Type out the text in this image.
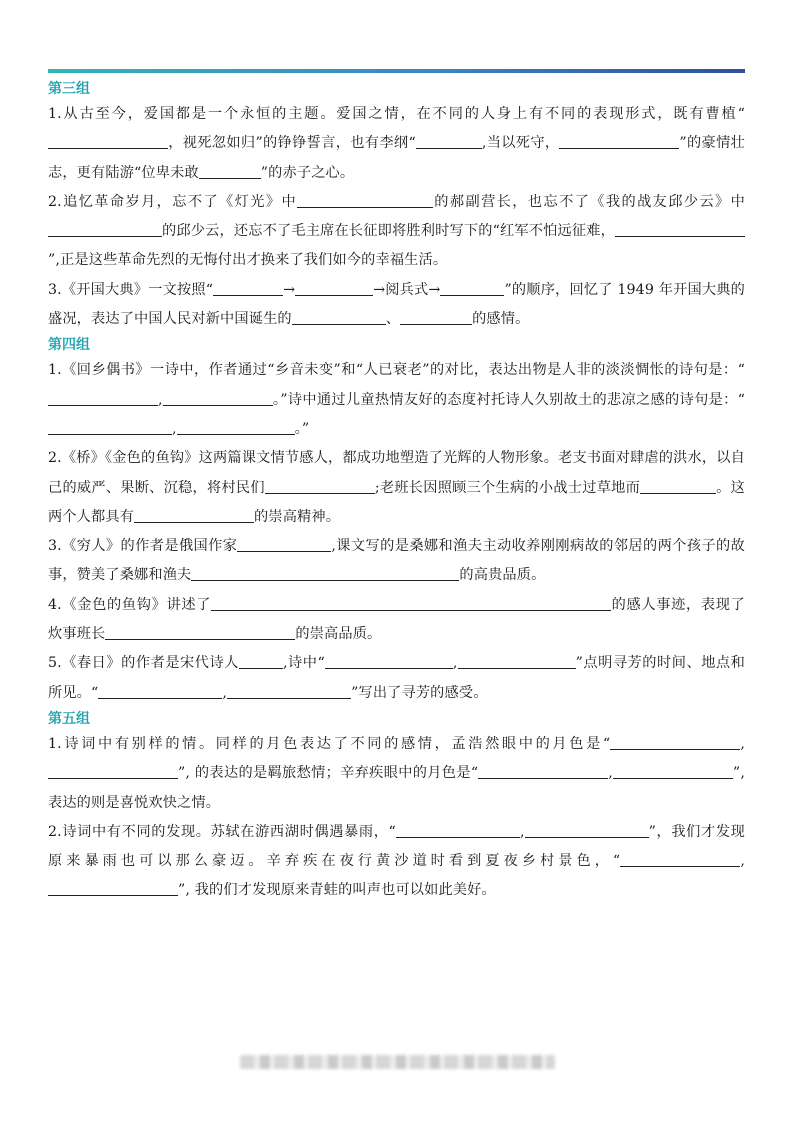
第三组

1.从古至今，爱国都是一个永恒的主题。爱国之情，在不同的人身上有不同的表现形式，既有曹植“，视死忽如归”的铮铮誓言，也有李纲“	,当以死守，	”的豪情壮志，更有陆游“位卑未敢	”的赤子之心。

2.追忆革命岁月，忘不了《灯光》中	的郝副营长，也忘不了《我的战友邱少云》中的邱少云，还忘不了毛主席在长征即将胜利时写下的“红军不怕远征难，”,正是这些革命先烈的无悔付出才换来了我们如今的幸福生活。

3.《开国大典》一文按照“	→	→阅兵式→	”的顺序，回忆了 1949 年开国大典的盛况，表达了中国人民对新中国诞生的	、	的感情。

第四组

1.《回乡偶书》一诗中，作者通过“乡音未变”和“人已衰老”的对比，表达出物是人非的淡淡惆怅的诗句是：“,	。”诗中通过儿童热情友好的态度衬托诗人久别故土的悲凉之感的诗句是：“,	。”

2.《桥》《金色的鱼钩》这两篇课文情节感人，都成功地塑造了光辉的人物形象。老支书面对肆虐的洪水，以自己的威严、果断、沉稳，将村民们	;老班长因照顾三个生病的小战士过草地而	。这两个人都具有	的崇高精神。

3.《穷人》的作者是俄国作家	,课文写的是桑娜和渔夫主动收养刚刚病故的邻居的两个孩子的故事，赞美了桑娜和渔夫	的高贵品质。

4.《金色的鱼钩》讲述了	的感人事迹，表现了炊事班长	的崇高品质。

5.《春日》的作者是宋代诗人	,诗中“	,	”点明寻芳的时间、地点和所见。“	,	”写出了寻芳的感受。

第五组

1.诗词中有别样的情。同样的月色表达了不同的感情，孟浩然眼中的月色是“	,”, 的表达的是羁旅愁情；辛弃疾眼中的月色是“	,	”, 表达的则是喜悦欢快之情。

2.诗词中有不同的发现。苏轼在游西湖时偶遇暴雨，“	,	”，我们才发现原来暴雨也可以那么豪迈。辛弃疾在夜行黄沙道时看到夏夜乡村景色，“	,”, 我的们才发现原来青蛙的叫声也可以如此美好。
